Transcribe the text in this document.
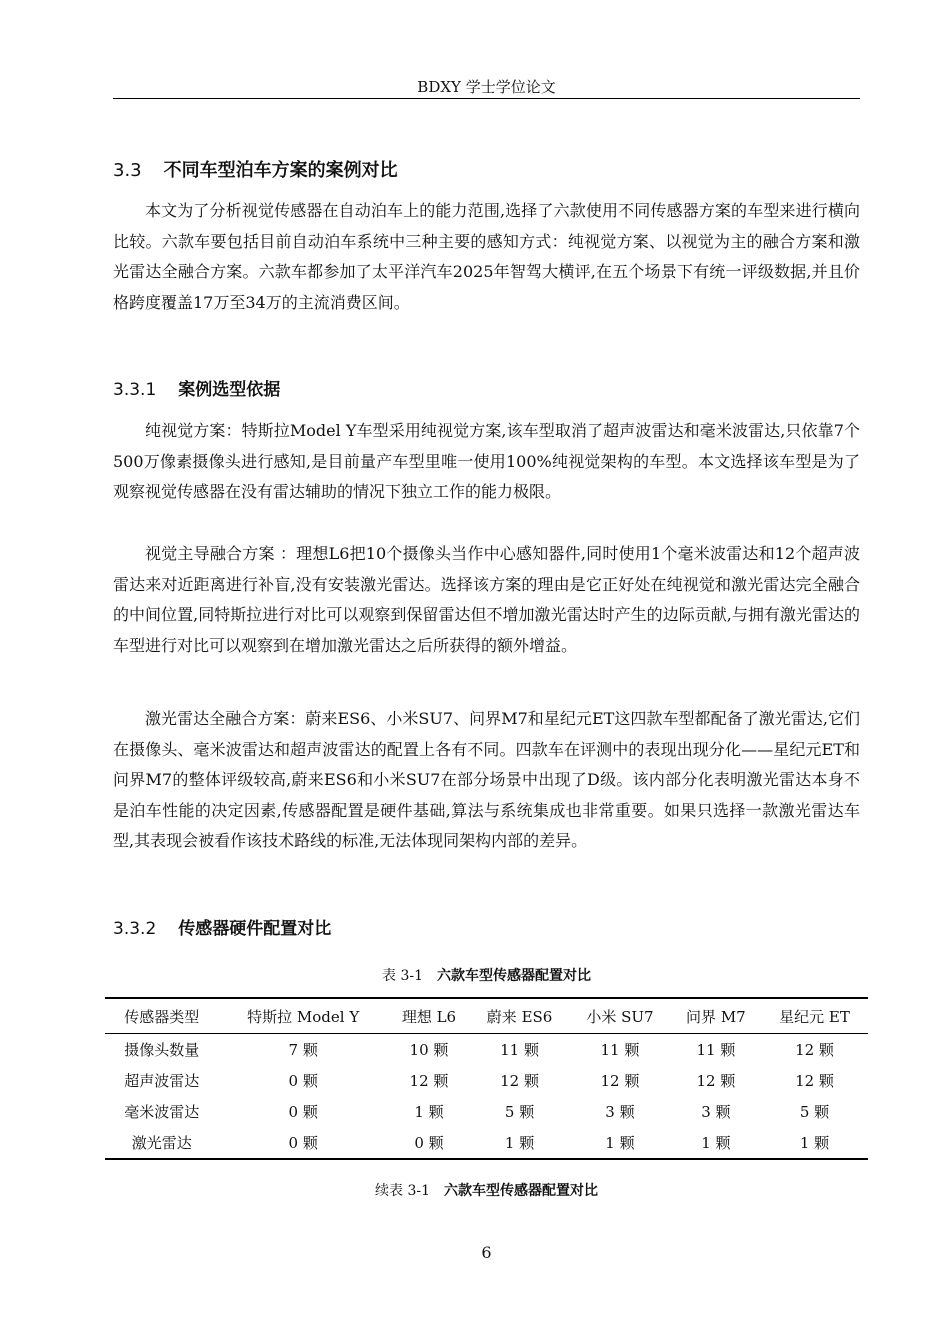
BDXY 学士学位论文
3.3 不同车型泊车方案的案例对比

本文为了分析视觉传感器在自动泊车上的能力范围,选择了六款使用不同传感器方案的车型来进行横向比较。六款车要包括目前自动泊车系统中三种主要的感知方式：纯视觉方案、以视觉为主的融合方案和激光雷达全融合方案。六款车都参加了太平洋汽车2025年智驾大横评,在五个场景下有统一评级数据,并且价格跨度覆盖17万至34万的主流消费区间。

3.3.1 案例选型依据

纯视觉方案：特斯拉Model Y车型采用纯视觉方案,该车型取消了超声波雷达和毫米波雷达,只依靠7个500万像素摄像头进行感知,是目前量产车型里唯一使用100%纯视觉架构的车型。本文选择该车型是为了观察视觉传感器在没有雷达辅助的情况下独立工作的能力极限。

视觉主导融合方案 ：理想L6把10个摄像头当作中心感知器件,同时使用1个毫米波雷达和12个超声波雷达来对近距离进行补盲,没有安装激光雷达。选择该方案的理由是它正好处在纯视觉和激光雷达完全融合的中间位置,同特斯拉进行对比可以观察到保留雷达但不增加激光雷达时产生的边际贡献,与拥有激光雷达的车型进行对比可以观察到在增加激光雷达之后所获得的额外增益。

激光雷达全融合方案：蔚来ES6、小米SU7、问界M7和星纪元ET这四款车型都配备了激光雷达,它们在摄像头、毫米波雷达和超声波雷达的配置上各有不同。四款车在评测中的表现出现分化——星纪元ET和问界M7的整体评级较高,蔚来ES6和小米SU7在部分场景中出现了D级。该内部分化表明激光雷达本身不是泊车性能的决定因素,传感器配置是硬件基础,算法与系统集成也非常重要。如果只选择一款激光雷达车型,其表现会被看作该技术路线的标准,无法体现同架构内部的差异。

3.3.2 传感器硬件配置对比
表 3-1 六款车型传感器配置对比
传感器类型	特斯拉 Model Y	理想 L6	蔚来 ES6	小米 SU7	问界 M7	星纪元 ET
摄像头数量	7 颗	10 颗	11 颗	11 颗	11 颗	12 颗
超声波雷达	0 颗	12 颗	12 颗	12 颗	12 颗	12 颗
毫米波雷达	0 颗	1 颗	5 颗	3 颗	3 颗	5 颗
激光雷达	0 颗	0 颗	1 颗	1 颗	1 颗	1 颗
续表 3-1 六款车型传感器配置对比
6
